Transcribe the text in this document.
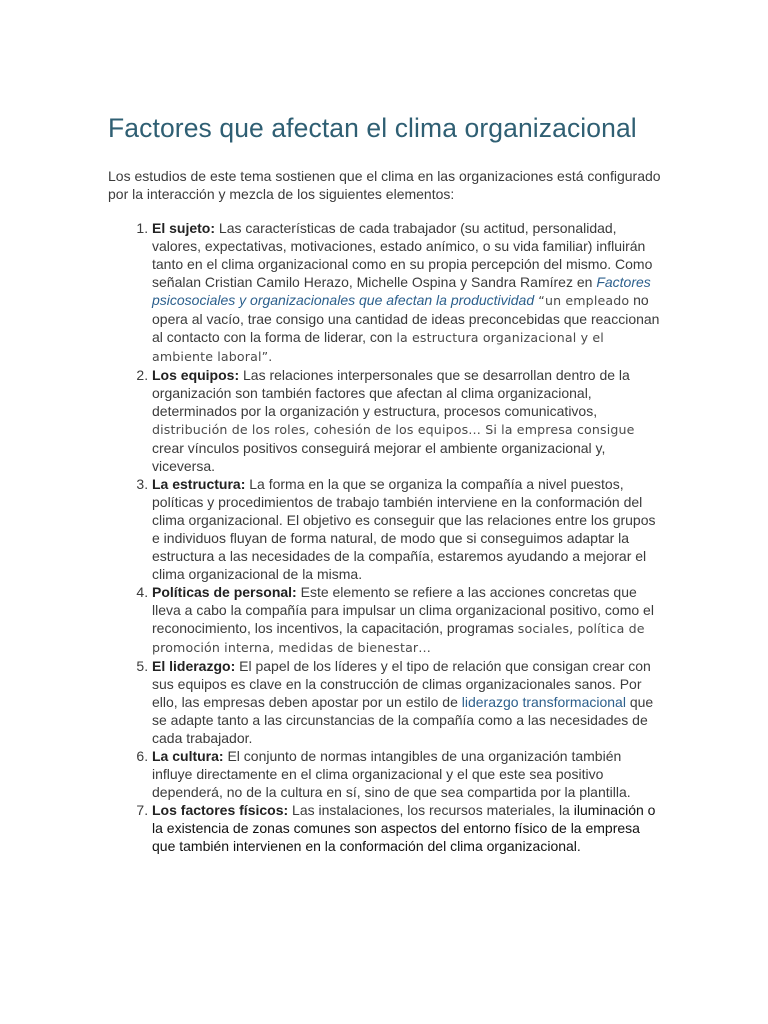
Factores que afectan el clima organizacional

Los estudios de este tema sostienen que el clima en las organizaciones está configurado por la interacción y mezcla de los siguientes elementos:

1. El sujeto: Las características de cada trabajador (su actitud, personalidad, valores, expectativas, motivaciones, estado anímico, o su vida familiar) influirán tanto en el clima organizacional como en su propia percepción del mismo. Como señalan Cristian Camilo Herazo, Michelle Ospina y Sandra Ramírez en Factores psicosociales y organizacionales que afectan la productividad “un empleado no opera al vacío, trae consigo una cantidad de ideas preconcebidas que reaccionan al contacto con la forma de liderar, con la estructura organizacional y el ambiente laboral”.
2. Los equipos: Las relaciones interpersonales que se desarrollan dentro de la organización son también factores que afectan al clima organizacional, determinados por la organización y estructura, procesos comunicativos, distribución de los roles, cohesión de los equipos… Si la empresa consigue crear vínculos positivos conseguirá mejorar el ambiente organizacional y, viceversa.
3. La estructura: La forma en la que se organiza la compañía a nivel puestos, políticas y procedimientos de trabajo también interviene en la conformación del clima organizacional. El objetivo es conseguir que las relaciones entre los grupos e individuos fluyan de forma natural, de modo que si conseguimos adaptar la estructura a las necesidades de la compañía, estaremos ayudando a mejorar el clima organizacional de la misma.
4. Políticas de personal: Este elemento se refiere a las acciones concretas que lleva a cabo la compañía para impulsar un clima organizacional positivo, como el reconocimiento, los incentivos, la capacitación, programas sociales, política de promoción interna, medidas de bienestar…
5. El liderazgo: El papel de los líderes y el tipo de relación que consigan crear con sus equipos es clave en la construcción de climas organizacionales sanos. Por ello, las empresas deben apostar por un estilo de liderazgo transformacional que se adapte tanto a las circunstancias de la compañía como a las necesidades de cada trabajador.
6. La cultura: El conjunto de normas intangibles de una organización también influye directamente en el clima organizacional y el que este sea positivo dependerá, no de la cultura en sí, sino de que sea compartida por la plantilla.
7. Los factores físicos: Las instalaciones, los recursos materiales, la iluminación o la existencia de zonas comunes son aspectos del entorno físico de la empresa que también intervienen en la conformación del clima organizacional.
